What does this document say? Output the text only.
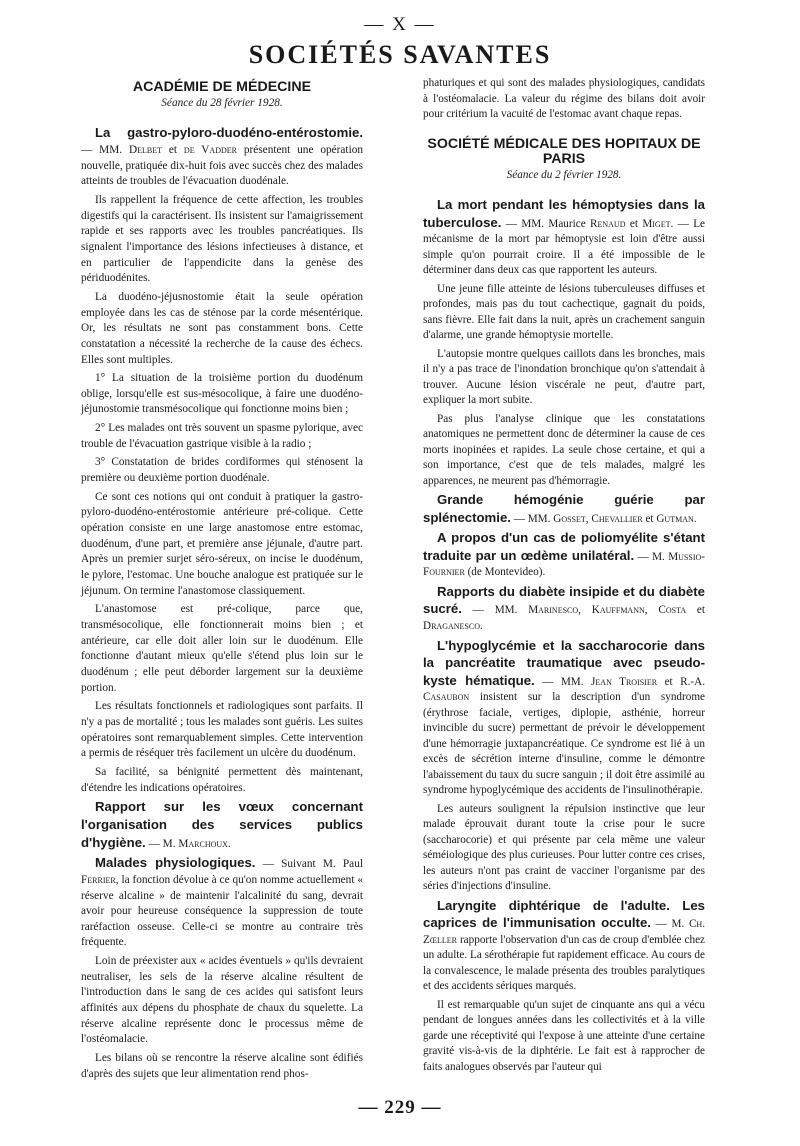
— X —
SOCIÉTÉS SAVANTES
ACADÉMIE DE MÉDECINE
Séance du 28 février 1928.

La gastro-pyloro-duodéno-entérostomie. — MM. Delbet et de Vadder présentent une opération nouvelle, pratiquée dix-huit fois avec succès chez des malades atteints de troubles de l'évacuation duodénale.

Ils rappellent la fréquence de cette affection, les troubles digestifs qui la caractérisent. Ils insistent sur l'amaigrissement rapide et ses rapports avec les troubles pancréatiques. Ils signalent l'importance des lésions infectieuses à distance, et en particulier de l'appendicite dans la genèse des périduodénites.

La duodéno-jéjusnostomie était la seule opération employée dans les cas de sténose par la corde mésentérique. Or, les résultats ne sont pas constamment bons. Cette constatation a nécessité la recherche de la cause des échecs. Elles sont multiples.

1° La situation de la troisième portion du duodénum oblige, lorsqu'elle est sus-mésocolique, à faire une duodéno-jéjunostomie transmésocolique qui fonctionne moins bien ;

2° Les malades ont très souvent un spasme pylorique, avec trouble de l'évacuation gastrique visible à la radio ;

3° Constatation de brides cordiformes qui sténosent la première ou deuxième portion duodénale.

Ce sont ces notions qui ont conduit à pratiquer la gastro-pyloro-duodéno-entérostomie antérieure pré-colique. Cette opération consiste en une large anastomose entre estomac, duodénum, d'une part, et première anse jéjunale, d'autre part. Après un premier surjet séro-séreux, on incise le duodénum, le pylore, l'estomac. Une bouche analogue est pratiquée sur le jéjunum. On termine l'anastomose classiquement.

L'anastomose est pré-colique, parce que, transmésocolique, elle fonctionnerait moins bien ; et antérieure, car elle doit aller loin sur le duodénum. Elle fonctionne d'autant mieux qu'elle s'étend plus loin sur le duodénum ; elle peut déborder largement sur la deuxième portion.

Les résultats fonctionnels et radiologiques sont parfaits. Il n'y a pas de mortalité ; tous les malades sont guéris. Les suites opératoires sont remarquablement simples. Cette intervention a permis de réséquer très facilement un ulcère du duodénum.

Sa facilité, sa bénignité permettent dès maintenant, d'étendre les indications opératoires.

Rapport sur les vœux concernant l'organisation des services publics d'hygiène. — M. Marchoux.

Malades physiologiques. — Suivant M. Paul Ferrier, la fonction dévolue à ce qu'on nomme actuellement « réserve alcaline » de maintenir l'alcalinité du sang, devrait avoir pour heureuse conséquence la suppression de toute raréfaction osseuse. Celle-ci se montre au contraire très fréquente.

Loin de préexister aux « acides éventuels » qu'ils devraient neutraliser, les sels de la réserve alcaline résultent de l'introduction dans le sang de ces acides qui satisfont leurs affinités aux dépens du phosphate de chaux du squelette. La réserve alcaline représente donc le processus même de l'ostéomalacie.

Les bilans où se rencontre la réserve alcaline sont édifiés d'après des sujets que leur alimentation rend phos-

phaturiques et qui sont des malades physiologiques, candidats à l'ostéomalacie. La valeur du régime des bilans doit avoir pour critérium la vacuité de l'estomac avant chaque repas.

SOCIÉTÉ MÉDICALE DES HOPITAUX DE PARIS
Séance du 2 février 1928.

La mort pendant les hémoptysies dans la tuberculose. — MM. Maurice Renaud et Miget. — Le mécanisme de la mort par hémoptysie est loin d'être aussi simple qu'on pourrait croire. Il a été impossible de le déterminer dans deux cas que rapportent les auteurs.

Une jeune fille atteinte de lésions tuberculeuses diffuses et profondes, mais pas du tout cachectique, gagnait du poids, sans fièvre. Elle fait dans la nuit, après un crachement sanguin d'alarme, une grande hémoptysie mortelle.

L'autopsie montre quelques caillots dans les bronches, mais il n'y a pas trace de l'inondation bronchique qu'on s'attendait à trouver. Aucune lésion viscérale ne peut, d'autre part, expliquer la mort subite.

Pas plus l'analyse clinique que les constatations anatomiques ne permettent donc de déterminer la cause de ces morts inopinées et rapides. La seule chose certaine, et qui a son importance, c'est que de tels malades, malgré les apparences, ne meurent pas d'hémorragie.

Grande hémogénie guérie par splénectomie. — MM. Gosset, Chevallier et Gutman.

A propos d'un cas de poliomyélite s'étant traduite par un œdème unilatéral. — M. Mussio-Fournier (de Montevideo).

Rapports du diabète insipide et du diabète sucré. — MM. Marinesco, Kauffmann, Costa et Draganesco.

L'hypoglycémie et la saccharocorie dans la pancréatite traumatique avec pseudo-kyste hématique. — MM. Jean Troisier et R.-A. Casaubon insistent sur la description d'un syndrome (érythrose faciale, vertiges, diplopie, asthénie, horreur invincible du sucre) permettant de prévoir le développement d'une hémorragie juxtapancréatique. Ce syndrome est lié à un excès de sécrétion interne d'insuline, comme le démontre l'abaissement du taux du sucre sanguin ; il doit être assimilé au syndrome hypoglycémique des accidents de l'insulinothérapie.

Les auteurs soulignent la répulsion instinctive que leur malade éprouvait durant toute la crise pour le sucre (saccharocorie) et qui présente par cela même une valeur séméiologique des plus curieuses. Pour lutter contre ces crises, les auteurs n'ont pas craint de vacciner l'organisme par des séries d'injections d'insuline.

Laryngite diphtérique de l'adulte. Les caprices de l'immunisation occulte. — M. Ch. Zœller rapporte l'observation d'un cas de croup d'emblée chez un adulte. La sérothérapie fut rapidement efficace. Au cours de la convalescence, le malade présenta des troubles paralytiques et des accidents sériques marqués.

Il est remarquable qu'un sujet de cinquante ans qui a vécu pendant de longues années dans les collectivités et à la ville garde une réceptivité qui l'expose à une atteinte d'une certaine gravité vis-à-vis de la diphtérie. Le fait est à rapprocher de faits analogues observés par l'auteur qui

— 229 —
